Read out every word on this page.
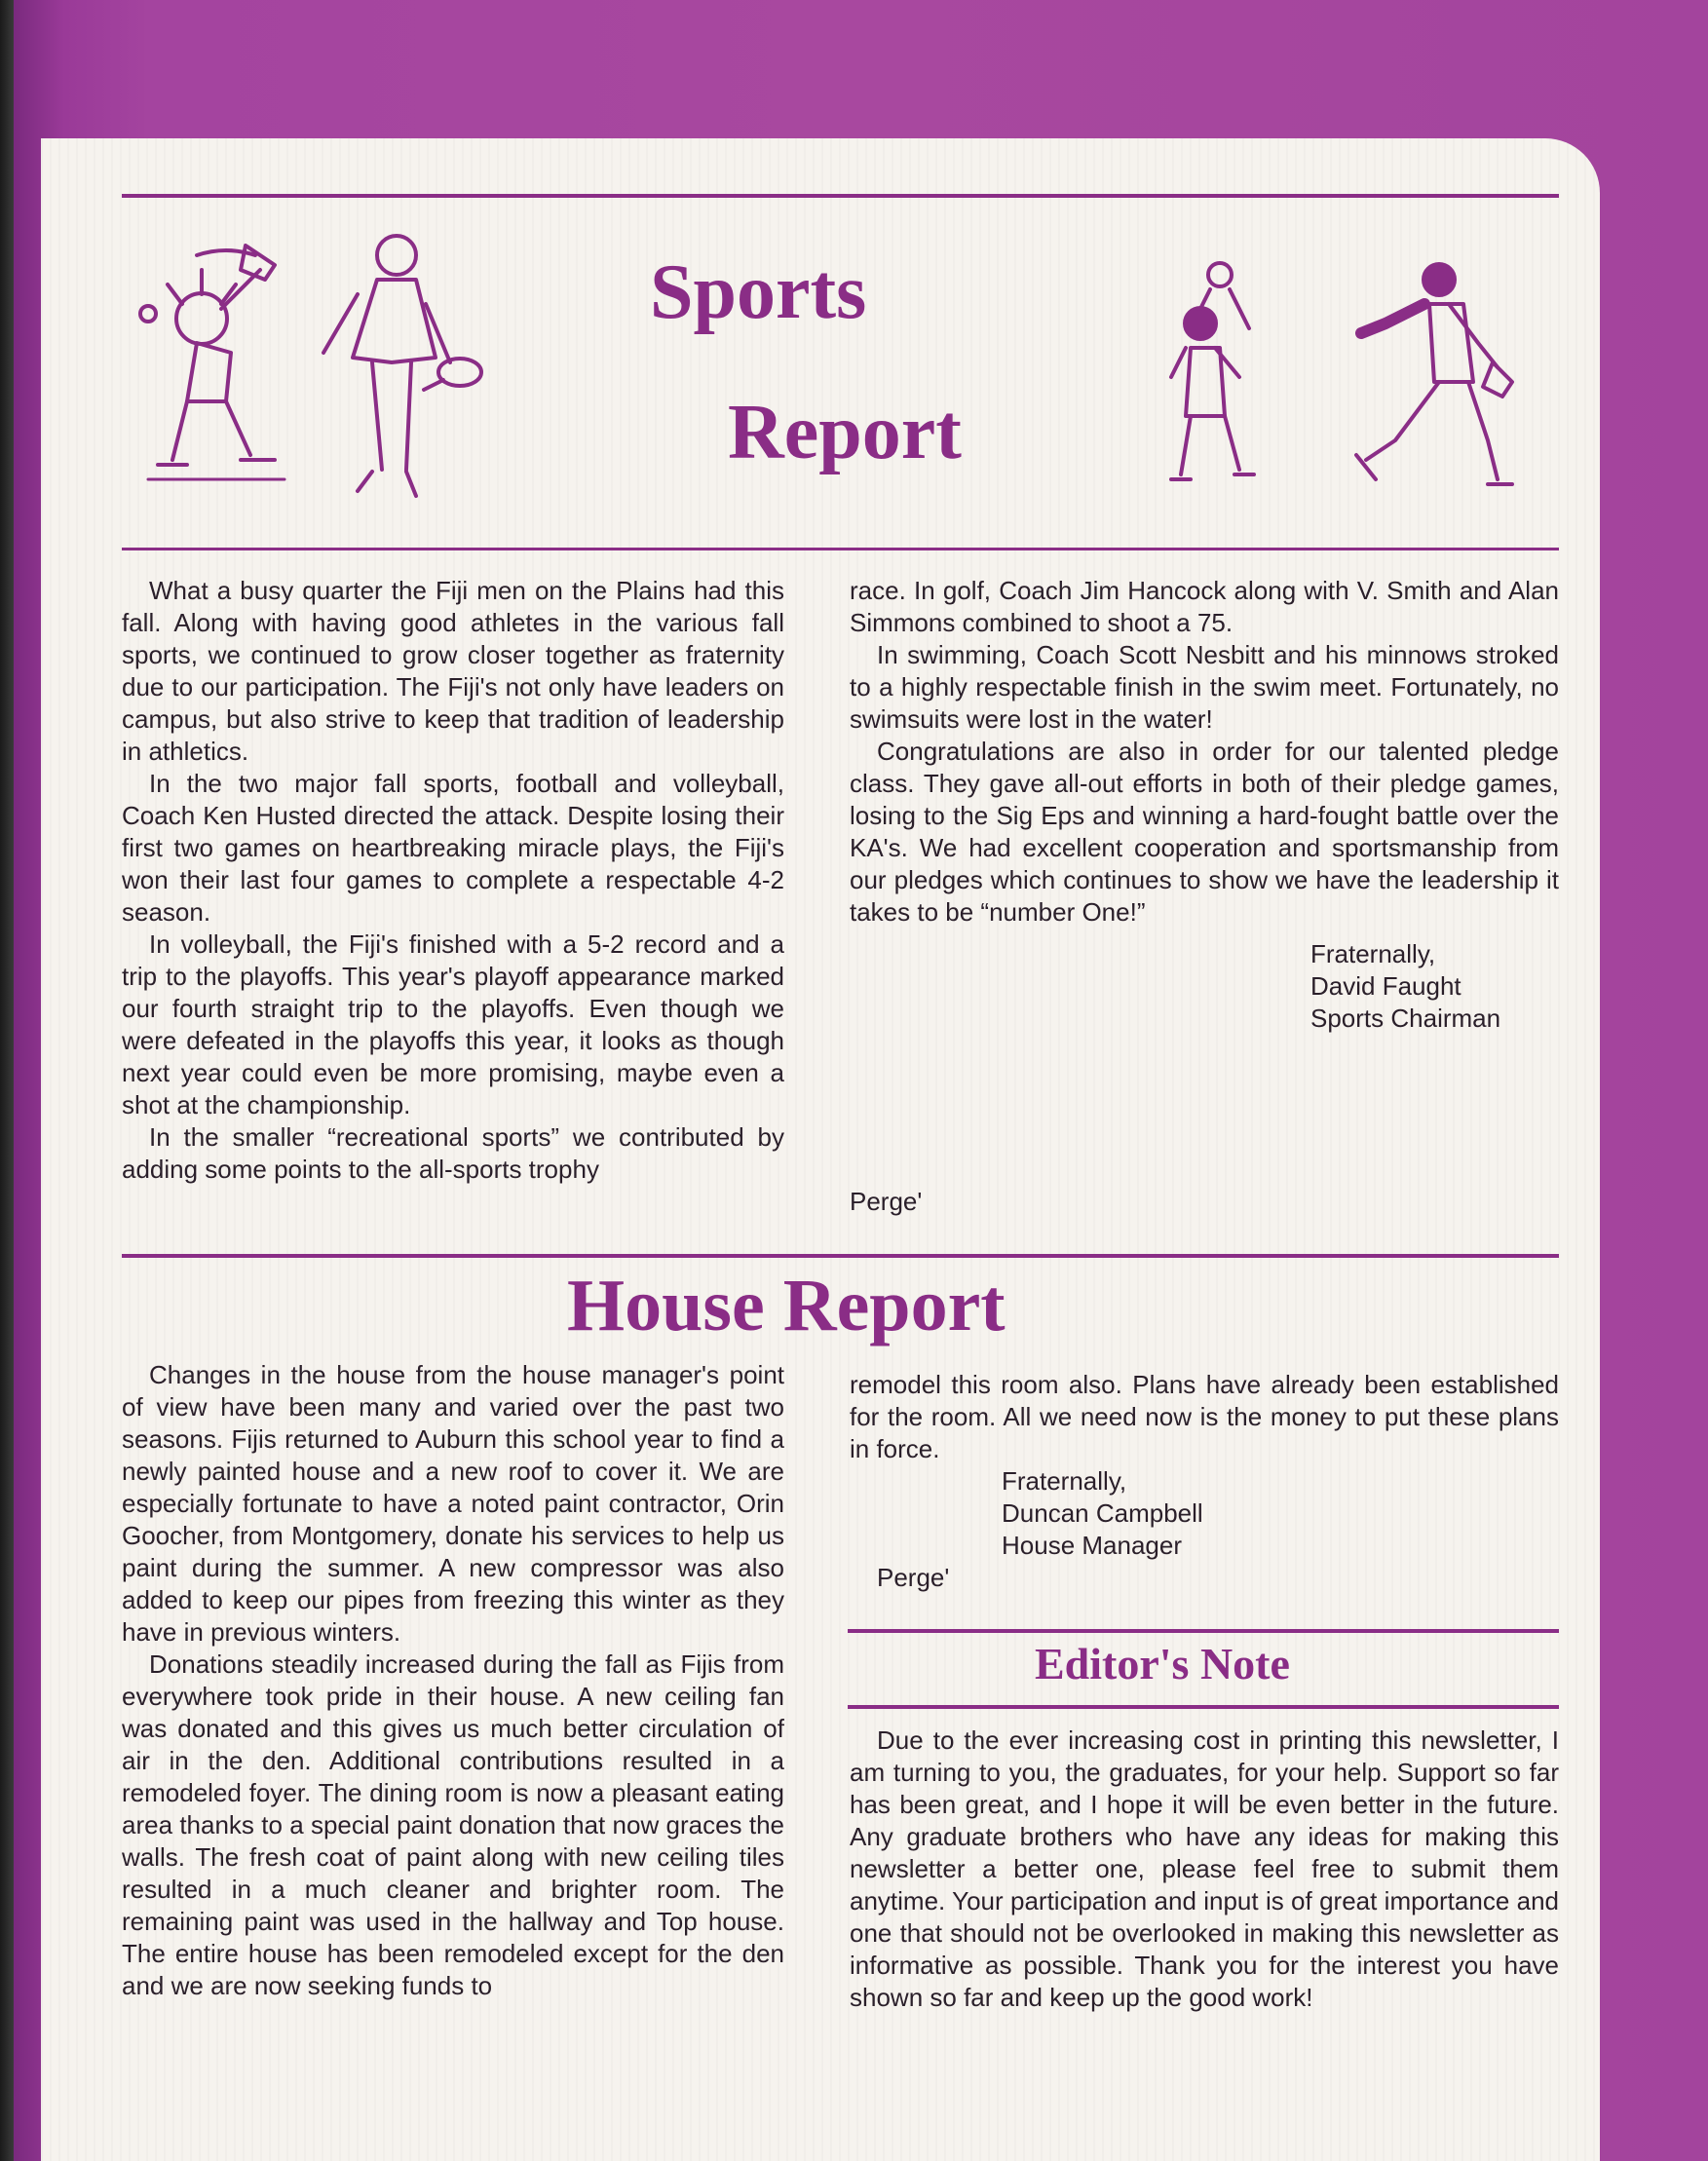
Sports
Report

What a busy quarter the Fiji men on the Plains had this fall. Along with having good athletes in the various fall sports, we continued to grow closer together as fraternity due to our participation. The Fiji's not only have leaders on campus, but also strive to keep that tradition of leadership in athletics.

In the two major fall sports, football and volleyball, Coach Ken Husted directed the attack. Despite losing their first two games on heartbreaking miracle plays, the Fiji's won their last four games to complete a respectable 4-2 season.

In volleyball, the Fiji's finished with a 5-2 record and a trip to the playoffs. This year's playoff appearance marked our fourth straight trip to the playoffs. Even though we were defeated in the playoffs this year, it looks as though next year could even be more promising, maybe even a shot at the championship.

In the smaller “recreational sports” we contributed by adding some points to the all-sports trophy

race. In golf, Coach Jim Hancock along with V. Smith and Alan Simmons combined to shoot a 75.

In swimming, Coach Scott Nesbitt and his minnows stroked to a highly respectable finish in the swim meet. Fortunately, no swimsuits were lost in the water!

Congratulations are also in order for our talented pledge class. They gave all-out efforts in both of their pledge games, losing to the Sig Eps and winning a hard-fought battle over the KA's. We had excellent cooperation and sportsmanship from our pledges which continues to show we have the leadership it takes to be “number One!”

Fraternally,

David Faught

Sports Chairman

Perge'
House Report

Changes in the house from the house manager's point of view have been many and varied over the past two seasons. Fijis returned to Auburn this school year to find a newly painted house and a new roof to cover it. We are especially fortunate to have a noted paint contractor, Orin Goocher, from Montgomery, donate his services to help us paint during the summer. A new compressor was also added to keep our pipes from freezing this winter as they have in previous winters.

Donations steadily increased during the fall as Fijis from everywhere took pride in their house. A new ceiling fan was donated and this gives us much better circulation of air in the den. Additional contributions resulted in a remodeled foyer. The dining room is now a pleasant eating area thanks to a special paint donation that now graces the walls. The fresh coat of paint along with new ceiling tiles resulted in a much cleaner and brighter room. The remaining paint was used in the hallway and Top house. The entire house has been remodeled except for the den and we are now seeking funds to

remodel this room also. Plans have already been established for the room. All we need now is the money to put these plans in force.

Fraternally,

Duncan Campbell

House Manager

Perge'

Editor's Note

Due to the ever increasing cost in printing this newsletter, I am turning to you, the graduates, for your help. Support so far has been great, and I hope it will be even better in the future. Any graduate brothers who have any ideas for making this newsletter a better one, please feel free to submit them anytime. Your participation and input is of great importance and one that should not be overlooked in making this newsletter as informative as possible. Thank you for the interest you have shown so far and keep up the good work!
